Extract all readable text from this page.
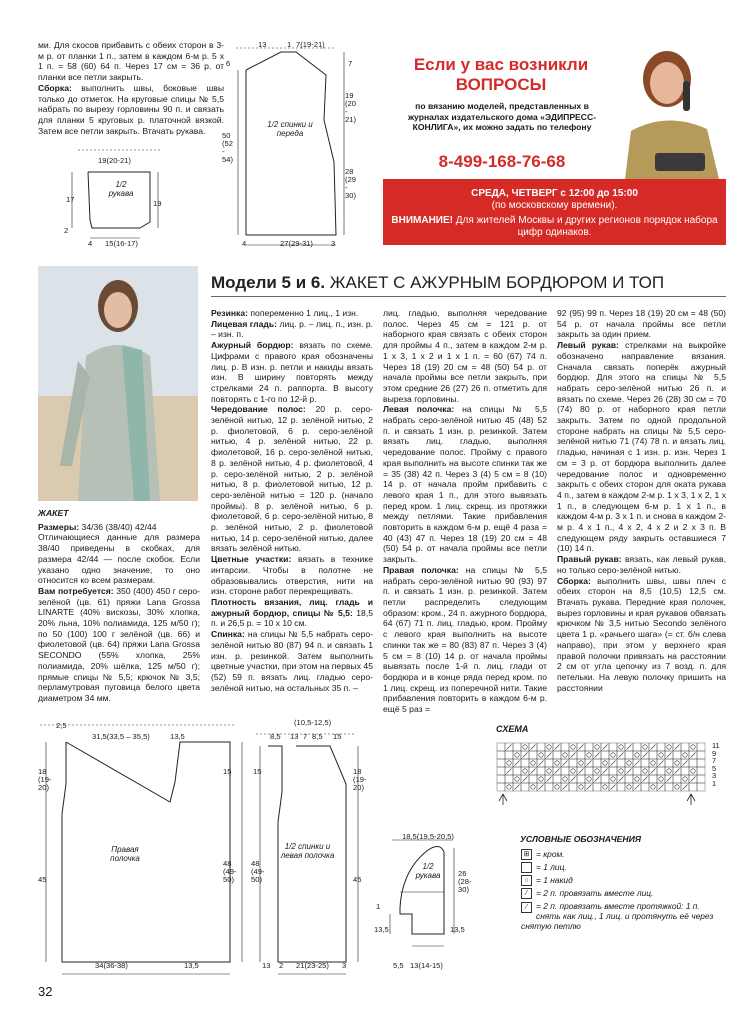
ми. Для скосов прибавить с обеих сторон в 3-м р. от планки 1 п., затем в каждом 6-м р. 5 х 1 п. = 58 (60) 64 п. Через 17 см = 36 р. от планки все петли закрыть.

Сборка: выполнить швы, боковые швы только до отметок. На круговые спицы № 5,5 набрать по вырезу горловины 90 п. и связать для планки 5 круговых р. платочной вязкой. Затем все петли закрыть. Втачать рукава.

19(20-21)
17	19
1/2 рукава
2
4 15(16-17)
13	1 7(19-21)
6
50 (52 - 54)
7
19 (20 - 21)
28 (29 - 30)
1/2 спинки и переда
4	27(29-31) 3
Если у вас возникли ВОПРОСЫ
по вязанию моделей, представленных в журналах издательского дома «ЭДИПРЕСС-КОНЛИГА», их можно задать по телефону
8-499-168-76-68
СРЕДА, ЧЕТВЕРГ с 12:00 до 15:00
(по московскому времени).
ВНИМАНИЕ! Для жителей Москвы и других регионов порядок набора цифр одинаков.
Модели 5 и 6. ЖАКЕТ С АЖУРНЫМ БОРДЮРОМ И ТОП

ЖАКЕТ

Размеры: 34/36 (38/40) 42/44

Отличающиеся данные для размера 38/40 приведены в скобках, для размера 42/44 — после скобок. Если указано одно значение, то оно относится ко всем размерам.

Вам потребуется: 350 (400) 450 г серо-зелёной (цв. 61) пряжи Lana Grossa LINARTE (40% вискозы, 30% хлопка, 20% льна, 10% полиамида, 125 м/50 г); по 50 (100) 100 г зелёной (цв. 66) и фиолетовой (цв. 64) пряжи Lana Grossa SECONDO (55% хлопка, 25% полиамида, 20% шёлка, 125 м/50 г); прямые спицы № 5,5; крючок № 3,5; перламутровая пуговица белого цвета диаметром 34 мм.

Резинка: попеременно 1 лиц., 1 изн.

Лицевая гладь: лиц. р. – лиц. п., изн. р. – изн. п.

Ажурный бордюр: вязать по схеме. Цифрами с правого края обозначены лиц. р. В изн. р. петли и накиды вязать изн. В ширину повторять между стрелками 24 п. раппорта. В высоту повторять с 1-го по 12-й р.

Чередование полос: 20 р. серо-зелёной нитью, 12 р. зелёной нитью, 2 р. фиолетовой, 6 р. серо-зелёной нитью, 4 р. зелёной нитью, 22 р. фиолетовой, 16 р. серо-зелёной нитью, 8 р. зелёной нитью, 4 р. фиолетовой, 4 р. серо-зелёной нитью, 2 р. зелёной нитью, 8 р. фиолетовой нитью, 12 р. серо-зелёной нитью = 120 р. (начало проймы). 8 р. зелёной нитью, 6 р. фиолетовой, 6 р. серо-зелёной нитью, 8 р. зелёной нитью, 2 р. фиолетовой нитью, 14 р. серо-зелёной нитью, далее вязать зелёной нитью.

Цветные участки: вязать в технике интарсии. Чтобы в полотне не образовывались отверстия, нити на изн. стороне работ перекрещивать.

Плотность вязания, лиц. гладь и ажурный бордюр, спицы № 5,5: 18,5 п. и 26,5 р. = 10 х 10 см.

Спинка: на спицы № 5,5 набрать серо-зелёной нитью 80 (87) 94 п. и связать 1 изн. р. резинкой. Затем выполнить цветные участки, при этом на первых 45 (52) 59 п. вязать лиц. гладью серо-зелёной нитью, на остальных 35 п. –

лиц. гладью, выполняя чередование полос. Через 45 см = 121 р. от наборного края связать с обеих сторон для проймы 4 п., затем в каждом 2-м р. 1 х 3, 1 х 2 и 1 х 1 п. = 60 (67) 74 п. Через 18 (19) 20 см = 48 (50) 54 р. от начала проймы все петли закрыть, при этом средние 26 (27) 26 п. отметить для выреза горловины.

Левая полочка: на спицы № 5,5 набрать серо-зелёной нитью 45 (48) 52 п. и связать 1 изн. р. резинкой. Затем вязать лиц. гладью, выполняя чередование полос. Пройму с правого края выполнить на высоте спинки так же = 35 (38) 42 п. Через 3 (4) 5 см = 8 (10) 14 р. от начала пройм прибавить с левого края 1 п., для этого вывязать перед кром. 1 лиц. скрещ. из протяжки между петлями. Такие прибавления повторить в каждом 6-м р. ещё 4 раза = 40 (43) 47 п. Через 18 (19) 20 см = 48 (50) 54 р. от начала проймы все петли закрыть.

Правая полочка: на спицы № 5,5 набрать серо-зелёной нитью 90 (93) 97 п. и связать 1 изн. р. резинкой. Затем петли распределить следующим образом: кром., 24 п. ажурного бордюра, 64 (67) 71 п. лиц. гладью, кром. Пройму с левого края выполнить на высоте спинки так же = 80 (83) 87 п. Через 3 (4) 5 см = 8 (10) 14 р. от начала проймы вывязать после 1-й п. лиц. глади от бордюра и в конце ряда перед кром. по 1 лиц. скрещ. из поперечной нити. Такие прибавления повторить в каждом 6-м р. ещё 5 раз =

92 (95) 99 п. Через 18 (19) 20 см = 48 (50) 54 р. от начала проймы все петли закрыть за один прием.

Левый рукав: стрелками на выкройке обозначено направление вязания. Сначала связать поперёк ажурный бордюр. Для этого на спицы № 5,5 набрать серо-зелёной нитью 26 п. и вязать по схеме. Через 26 (28) 30 см = 70 (74) 80 р. от наборного края петли закрыть. Затем по одной продольной стороне набрать на спицы № 5,5 серо-зелёной нитью 71 (74) 78 п. и вязать лиц. гладью, начиная с 1 изн. р. изн. Через 1 см = 3 р. от бордюра выполнить далее чередование полос и одновременно закрыть с обеих сторон для оката рукава 4 п., затем в каждом 2-м р. 1 х 3, 1 х 2, 1 х 1 п., в следующем 6-м р. 1 х 1 п., в каждом 4-м р. 3 х 1 п. и снова в каждом 2-м р. 4 х 1 п., 4 х 2, 4 х 2 и 2 х 3 п. В следующем ряду закрыть оставшиеся 7 (10) 14 п.

Правый рукав: вязать, как левый рукав, но только серо-зелёной нитью.

Сборка: выполнить швы, швы плеч с обеих сторон на 8,5 (10,5) 12,5 см. Втачать рукава. Передние края полочек, вырез горловины и края рукавов обвязать крючком № 3,5 нитью Secondo зелёного цвета 1 р. «рачьего шага» (= ст. б/н слева направо), при этом у верхнего края правой полочки привязать на расстоянии 2 см от угла цепочку из 7 возд. п. для петельки. На левую полочку пришить на расстоянии

2,5
31,5(33,5 – 35,5)	13,5
Правая полочка
18 (19- 20)
45
15
48 (49- 50)
34(36-38)	13,5
(10,5-12,5)
8,5 13 7 8,5 15
1/2 спинки и левая полочка
15
48 (49- 50)
18 (19- 20)
45
13 2 21(23-25) 3
18,5(19,5-20,5)
1/2 рукава 26 (28- 30)
1
13,5	13,5
5,5 13(14-15)
СХЕМА
11
9
7
5
3
1
УСЛОВНЫЕ ОБОЗНАЧЕНИЯ
⊞ = кром.
= 1 лиц.
○ = 1 накид
⁄ = 2 п. провязать вместе лиц.
⁄	= 2 п. провязать вместе протяжкой: 1 п. снять как лиц., 1 лиц. и протянуть её через снятую петлю
32
